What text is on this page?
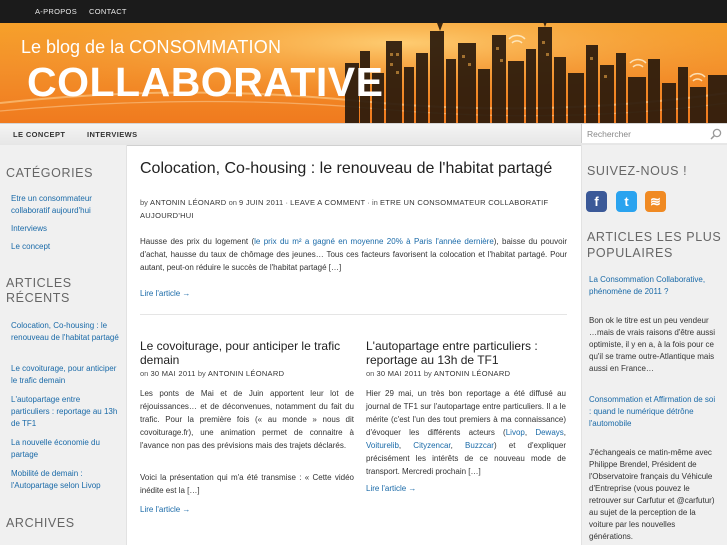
A-PROPOS CONTACT
Le blog de la CONSOMMATION
COLLABORATIVE
LE CONCEPT	INTERVIEWS	Rechercher
CATÉGORIES
Etre un consommateur collaboratif aujourd'hui
Interviews
Le concept
ARTICLES RÉCENTS
Colocation, Co-housing : le renouveau de l'habitat partagé
Le covoiturage, pour anticiper le trafic demain
L'autopartage entre particuliers : reportage au 13h de TF1
La nouvelle économie du partage
Mobilité de demain : l'Autopartage selon Livop
ARCHIVES
Colocation, Co-housing : le renouveau de l'habitat partagé
by ANTONIN LÉONARD on 9 JUIN 2011 · LEAVE A COMMENT · in ETRE UN CONSOMMATEUR COLLABORATIF AUJOURD'HUI
Hausse des prix du logement (le prix du m² a gagné en moyenne 20% à Paris l'année dernière), baisse du pouvoir d'achat, hausse du taux de chômage des jeunes… Tous ces facteurs favorisent la colocation et l'habitat partagé. Pour autant, peut-on réduire le succès de l'habitat partagé […]
Lire l'article →
Le covoiturage, pour anticiper le trafic demain
on 30 MAI 2011 by ANTONIN LÉONARD
Les ponts de Mai et de Juin apportent leur lot de réjouissances… et de déconvenues, notamment du fait du trafic. Pour la première fois (« au monde » nous dit covoiturage.fr), une animation permet de connaitre à l'avance non pas des prévisions mais des trajets déclarés.
Voici la présentation qui m'a été transmise : « Cette vidéo inédite est la […]
Lire l'article →
L'autopartage entre particuliers : reportage au 13h de TF1
on 30 MAI 2011 by ANTONIN LÉONARD
Hier 29 mai, un très bon reportage a été diffusé au journal de TF1 sur l'autopartage entre particuliers. Il a le mérite (c'est l'un des tout premiers à ma connaissance) d'évoquer les différents acteurs (Livop, Deways, Voiturelib, Cityzencar, Buzzcar) et d'expliquer précisément les intérêts de ce nouveau mode de transport. Mercredi prochain […]
Lire l'article →
SUIVEZ-NOUS !
f	t	≋
ARTICLES LES PLUS POPULAIRES
La Consommation Collaborative, phénomène de 2011 ?
Bon ok le titre est un peu vendeur …mais de vrais raisons d'être aussi optimiste, il y en a, à la fois pour ce qu'il se trame outre-Atlantique mais aussi en France…
Consommation et Affirmation de soi : quand le numérique détrône l'automobile
J'échangeais ce matin-même avec Philippe Brendel, Président de l'Observatoire français du Véhicule d'Entreprise (vous pouvez le retrouver sur Carfutur et @carfutur) au sujet de la perception de la voiture par les nouvelles générations.
